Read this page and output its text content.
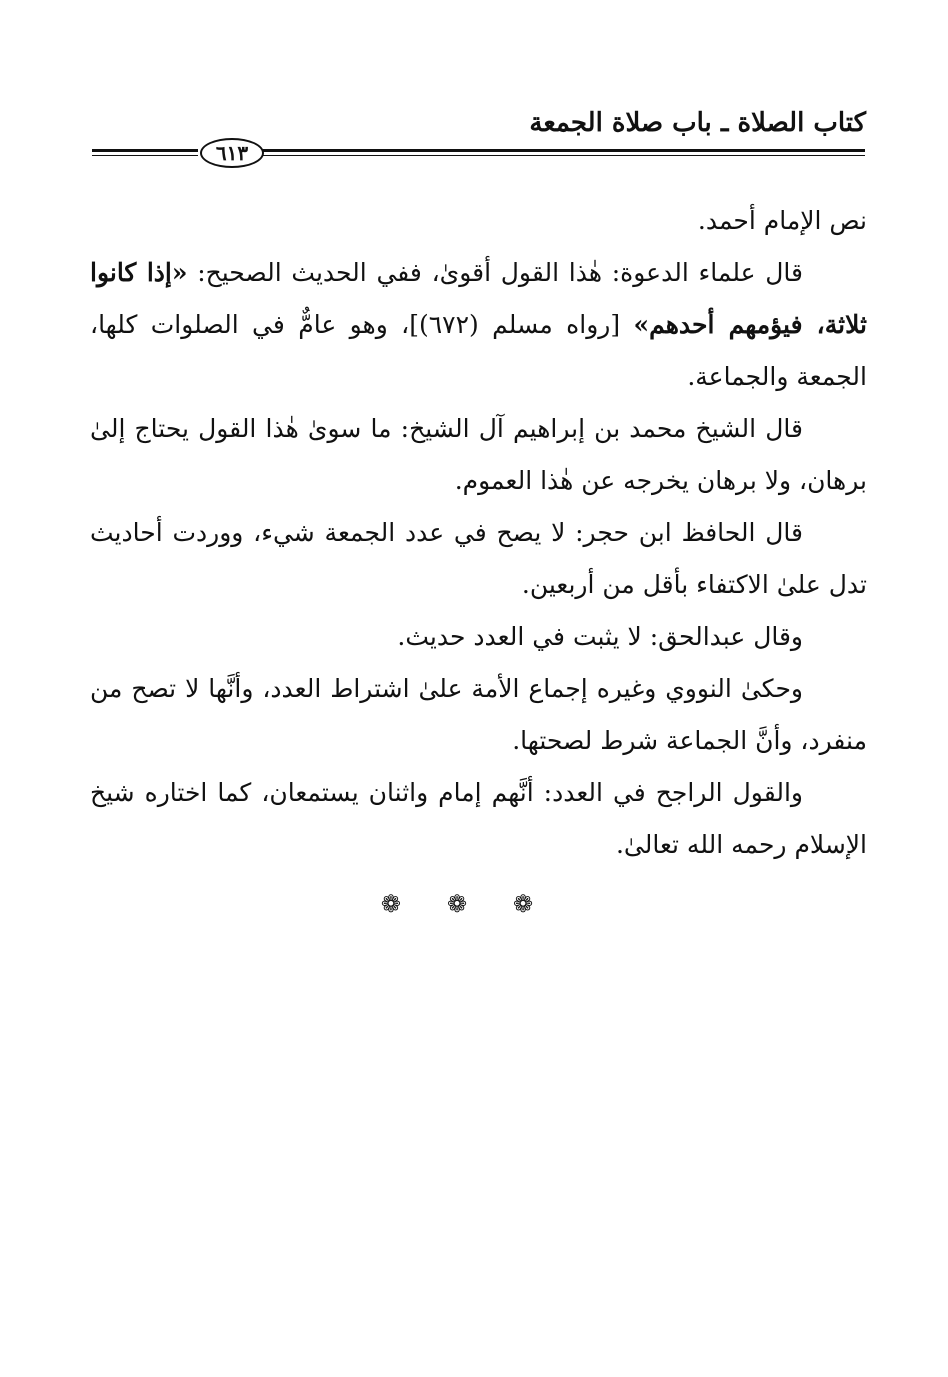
كتاب الصلاة ـ باب صلاة الجمعة
٦١٣

نص الإمام أحمد.

قال علماء الدعوة: هٰذا القول أقوىٰ، ففي الحديث الصحيح: «إذا كانوا ثلاثة، فيؤمهم أحدهم» [رواه مسلم (٦٧٢)]، وهو عامٌّ في الصلوات كلها، الجمعة والجماعة.

قال الشيخ محمد بن إبراهيم آل الشيخ: ما سوىٰ هٰذا القول يحتاج إلىٰ برهان، ولا برهان يخرجه عن هٰذا العموم.

قال الحافظ ابن حجر: لا يصح في عدد الجمعة شيء، ووردت أحاديث تدل علىٰ الاكتفاء بأقل من أربعين.

وقال عبدالحق: لا يثبت في العدد حديث.

وحكىٰ النووي وغيره إجماع الأمة علىٰ اشتراط العدد، وأنَّها لا تصح من منفرد، وأنَّ الجماعة شرط لصحتها.

والقول الراجح في العدد: أنَّهم إمام واثنان يستمعان، كما اختاره شيخ الإسلام رحمه الله تعالىٰ.

❁ ❁ ❁
